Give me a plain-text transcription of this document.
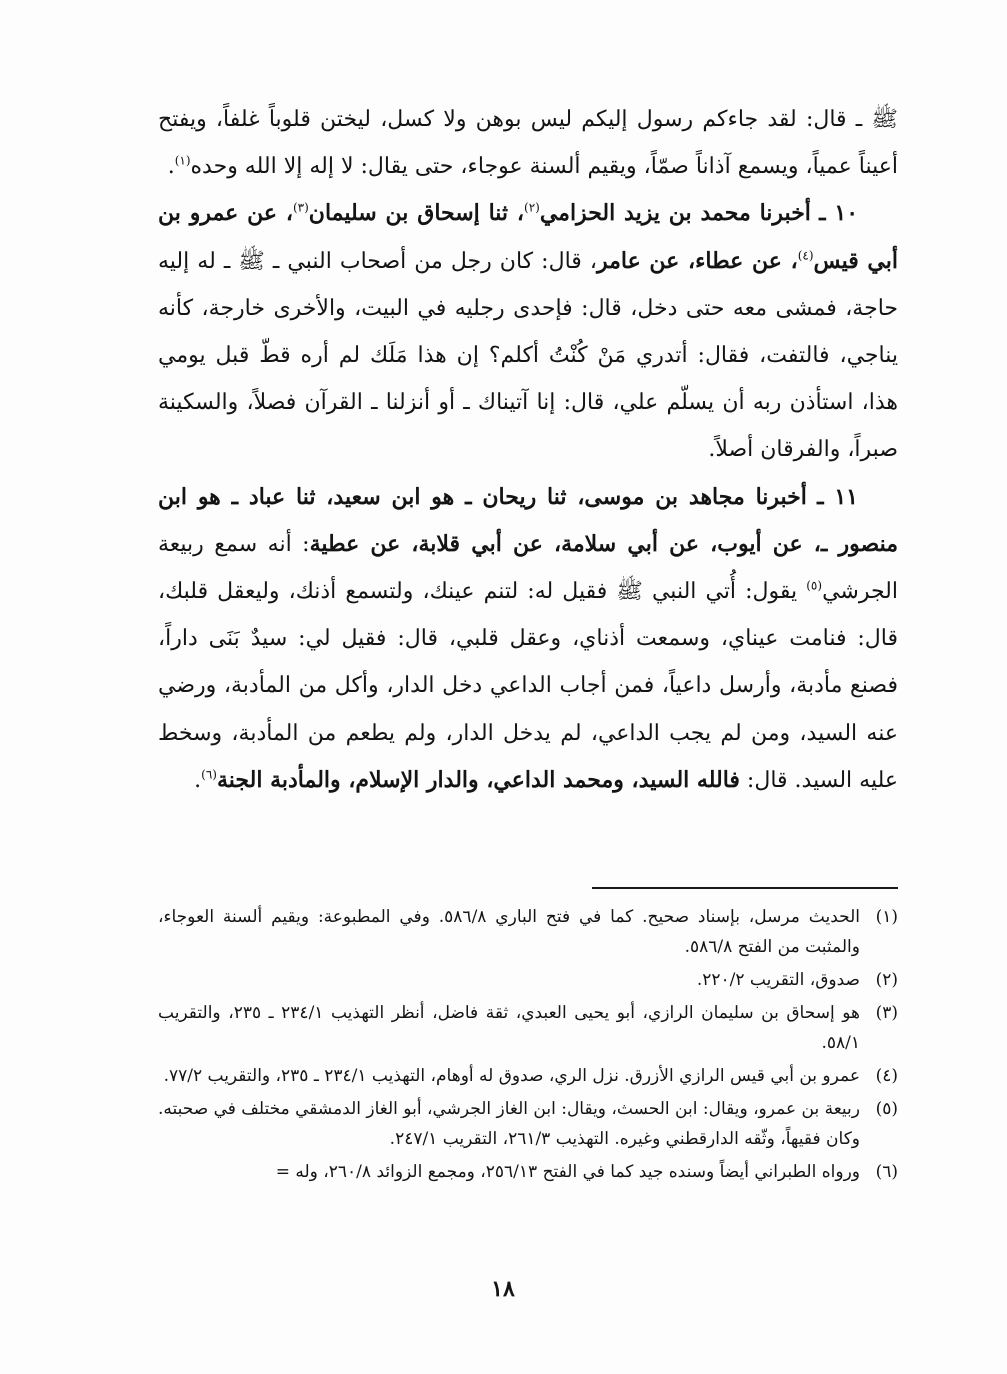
ﷺ ـ قال: لقد جاءكم رسول إليكم ليس بوهن ولا كسل، ليختن قلوباً غلفاً، ويفتح أعيناً عمياً، ويسمع آذاناً صمّاً، ويقيم ألسنة عوجاء، حتى يقال: لا إله إلا الله وحده$^{(١)}$.

١٠ ـ أخبرنا محمد بن يزيد الحزامي$^{(٢)}$، ثنا إسحاق بن سليمان$^{(٣)}$، عن عمرو بن أبي قيس$^{(٤)}$، عن عطاء، عن عامر، قال: كان رجل من أصحاب النبي ـ ﷺ ـ له إليه حاجة، فمشى معه حتى دخل، قال: فإحدى رجليه في البيت، والأخرى خارجة، كأنه يناجي، فالتفت، فقال: أتدري مَنْ كُنْتُ أكلم؟ إن هذا مَلَك لم أره قطّ قبل يومي هذا، استأذن ربه أن يسلّم علي، قال: إنا آتيناك ـ أو أنزلنا ـ القرآن فصلاً، والسكينة صبراً، والفرقان أصلاً.

١١ ـ أخبرنا مجاهد بن موسى، ثنا ريحان ـ هو ابن سعيد، ثنا عباد ـ هو ابن منصور ـ، عن أيوب، عن أبي سلامة، عن أبي قلابة، عن عطية: أنه سمع ربيعة الجرشي$^{(٥)}$ يقول: أُتي النبي ﷺ فقيل له: لتنم عينك، ولتسمع أذنك، وليعقل قلبك، قال: فنامت عيناي، وسمعت أذناي، وعقل قلبي، قال: فقيل لي: سيدٌ بَنَى داراً، فصنع مأدبة، وأرسل داعياً، فمن أجاب الداعي دخل الدار، وأكل من المأدبة، ورضي عنه السيد، ومن لم يجب الداعي، لم يدخل الدار، ولم يطعم من المأدبة، وسخط عليه السيد. قال: فالله السيد، ومحمد الداعي، والدار الإسلام، والمأدبة الجنة$^{(٦)}$.

(١)
الحديث مرسل، بإسناد صحيح. كما في فتح الباري ٥٨٦/٨. وفي المطبوعة: ويقيم ألسنة العوجاء، والمثبت من الفتح ٥٨٦/٨.
(٢)
صدوق، التقريب ٢٢٠/٢.
(٣)
هو إسحاق بن سليمان الرازي، أبو يحيى العبدي، ثقة فاضل، أنظر التهذيب ٢٣٤/١ ـ ٢٣٥، والتقريب ٥٨/١.
(٤)
عمرو بن أبي قيس الرازي الأزرق. نزل الري، صدوق له أوهام، التهذيب ٢٣٤/١ ـ ٢٣٥، والتقريب ٧٧/٢.
(٥)
ربيعة بن عمرو، ويقال: ابن الحسث، ويقال: ابن الغاز الجرشي، أبو الغاز الدمشقي مختلف في صحبته. وكان فقيهاً، وثّقه الدارقطني وغيره. التهذيب ٢٦١/٣، التقريب ٢٤٧/١.
(٦)
ورواه الطبراني أيضاً وسنده جيد كما في الفتح ٢٥٦/١٣، ومجمع الزوائد ٢٦٠/٨، وله =
١٨
